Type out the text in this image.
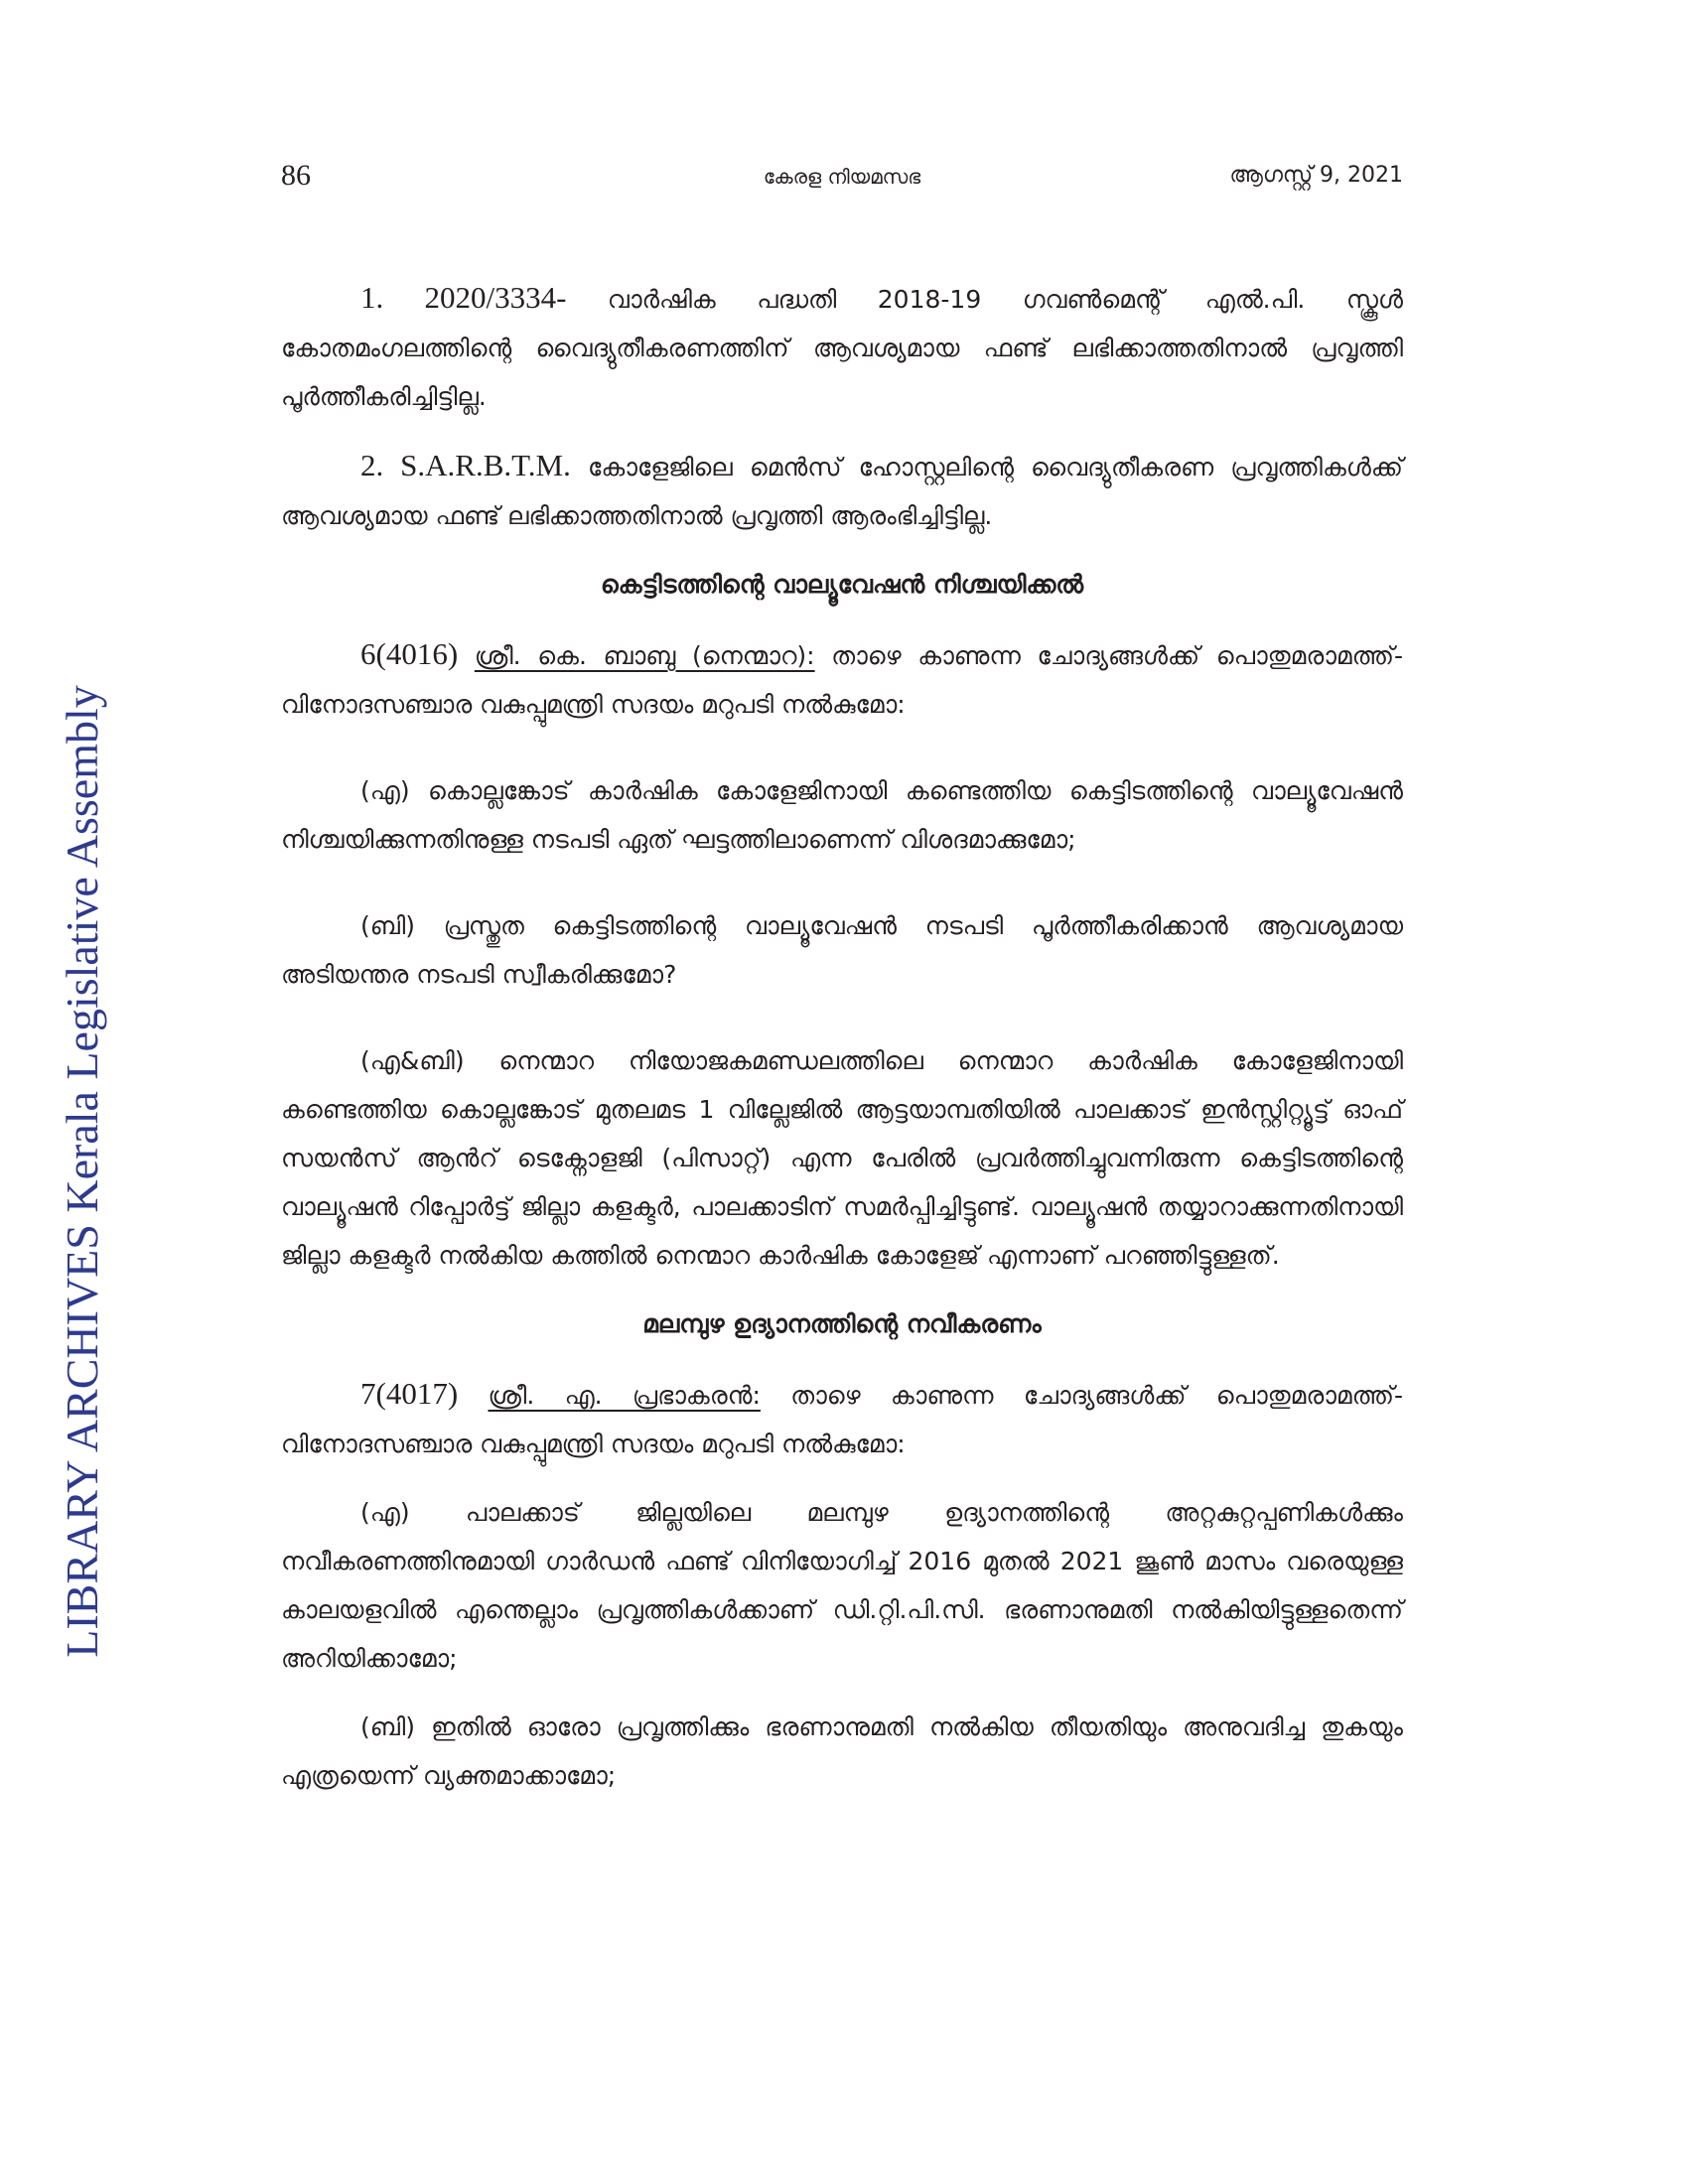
LIBRARY ARCHIVES Kerala Legislative Assembly
86	കേരള നിയമസഭ	ആഗസ്റ്റ് 9, 2021

1. 2020/3334- വാർഷിക പദ്ധതി 2018-19 ഗവൺമെന്റ് എൽ.പി. സ്കൂൾ കോതമംഗലത്തിന്റെ വൈദ്യുതീകരണത്തിന് ആവശ്യമായ ഫണ്ട് ലഭിക്കാത്തതിനാൽ പ്രവൃത്തി പൂർത്തീകരിച്ചിട്ടില്ല.

2. S.A.R.B.T.M. കോളേജിലെ മെൻസ് ഹോസ്റ്റലിന്റെ വൈദ്യുതീകരണ പ്രവൃത്തികൾക്ക് ആവശ്യമായ ഫണ്ട് ലഭിക്കാത്തതിനാൽ പ്രവൃത്തി ആരംഭിച്ചിട്ടില്ല.

കെട്ടിടത്തിന്റെ വാല്യൂവേഷൻ നിശ്ചയിക്കൽ

6(4016) ശ്രീ. കെ. ബാബു (നെന്മാറ): താഴെ കാണുന്ന ചോദ്യങ്ങൾക്ക് പൊതുമരാമത്ത്-വിനോദസഞ്ചാര വകുപ്പുമന്ത്രി സദയം മറുപടി നൽകുമോ:

(എ) കൊല്ലങ്കോട് കാർഷിക കോളേജിനായി കണ്ടെത്തിയ കെട്ടിടത്തിന്റെ വാല്യൂവേഷൻ നിശ്ചയിക്കുന്നതിനുള്ള നടപടി ഏത് ഘട്ടത്തിലാണെന്ന് വിശദമാക്കുമോ;

(ബി) പ്രസ്തുത കെട്ടിടത്തിന്റെ വാല്യൂവേഷൻ നടപടി പൂർത്തീകരിക്കാൻ ആവശ്യമായ അടിയന്തര നടപടി സ്വീകരിക്കുമോ?

(എ&ബി) നെന്മാറ നിയോജകമണ്ഡലത്തിലെ നെന്മാറ കാർഷിക കോളേജിനായി കണ്ടെത്തിയ കൊല്ലങ്കോട് മുതലമട 1 വില്ലേജിൽ ആട്ടയാമ്പതിയിൽ പാലക്കാട് ഇൻസ്റ്റിറ്റ്യൂട്ട് ഓഫ് സയൻസ് ആൻറ് ടെക്നോളജി (പിസാറ്റ്) എന്ന പേരിൽ പ്രവർത്തിച്ചുവന്നിരുന്ന കെട്ടിടത്തിന്റെ വാല്യൂഷൻ റിപ്പോർട്ട് ജില്ലാ കളക്ടർ, പാലക്കാടിന് സമർപ്പിച്ചിട്ടുണ്ട്. വാല്യൂഷൻ തയ്യാറാക്കുന്നതിനായി ജില്ലാ കളക്ടർ നൽകിയ കത്തിൽ നെന്മാറ കാർഷിക കോളേജ് എന്നാണ് പറഞ്ഞിട്ടുള്ളത്.

മലമ്പുഴ ഉദ്യാനത്തിന്റെ നവീകരണം

7(4017) ശ്രീ. എ. പ്രഭാകരൻ: താഴെ കാണുന്ന ചോദ്യങ്ങൾക്ക് പൊതുമരാമത്ത്-വിനോദസഞ്ചാര വകുപ്പുമന്ത്രി സദയം മറുപടി നൽകുമോ:

(എ) പാലക്കാട് ജില്ലയിലെ മലമ്പുഴ ഉദ്യാനത്തിന്റെ അറ്റകുറ്റപ്പണികൾക്കും നവീകരണത്തിനുമായി ഗാർഡൻ ഫണ്ട് വിനിയോഗിച്ച് 2016 മുതൽ 2021 ജൂൺ മാസം വരെയുള്ള കാലയളവിൽ എന്തെല്ലാം പ്രവൃത്തികൾക്കാണ് ഡി.റ്റി.പി.സി. ഭരണാനുമതി നൽകിയിട്ടുള്ളതെന്ന് അറിയിക്കാമോ;

(ബി) ഇതിൽ ഓരോ പ്രവൃത്തിക്കും ഭരണാനുമതി നൽകിയ തീയതിയും അനുവദിച്ച തുകയും എത്രയെന്ന് വ്യക്തമാക്കാമോ;
